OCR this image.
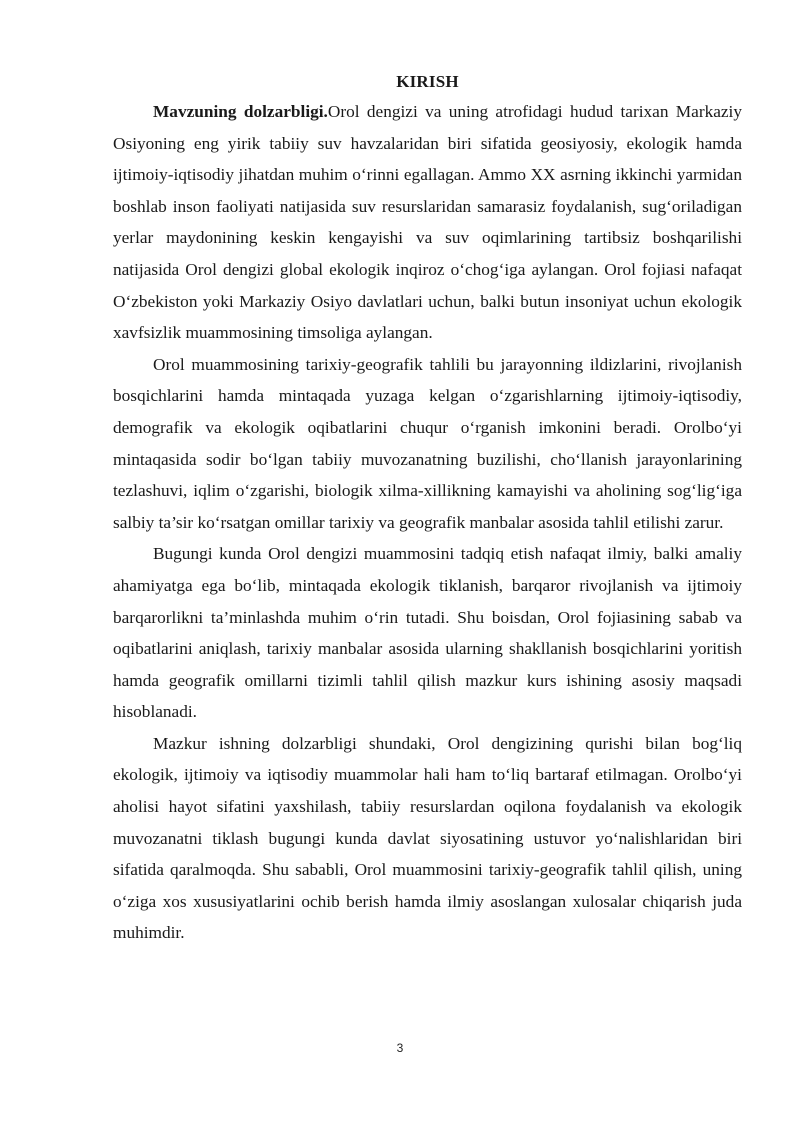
KIRISH

Mavzuning dolzarbligi.Orol dengizi va uning atrofidagi hudud tarixan Markaziy Osiyoning eng yirik tabiiy suv havzalaridan biri sifatida geosiyosiy, ekologik hamda ijtimoiy-iqtisodiy jihatdan muhim o‘rinni egallagan. Ammo XX asrning ikkinchi yarmidan boshlab inson faoliyati natijasida suv resurslaridan samarasiz foydalanish, sug‘oriladigan yerlar maydonining keskin kengayishi va suv oqimlarining tartibsiz boshqarilishi natijasida Orol dengizi global ekologik inqiroz o‘chog‘iga aylangan. Orol fojiasi nafaqat O‘zbekiston yoki Markaziy Osiyo davlatlari uchun, balki butun insoniyat uchun ekologik xavfsizlik muammosining timsoliga aylangan.

Orol muammosining tarixiy-geografik tahlili bu jarayonning ildizlarini, rivojlanish bosqichlarini hamda mintaqada yuzaga kelgan o‘zgarishlarning ijtimoiy-iqtisodiy, demografik va ekologik oqibatlarini chuqur o‘rganish imkonini beradi. Orolbo‘yi mintaqasida sodir bo‘lgan tabiiy muvozanatning buzilishi, cho‘llanish jarayonlarining tezlashuvi, iqlim o‘zgarishi, biologik xilma-xillikning kamayishi va aholining sog‘lig‘iga salbiy ta’sir ko‘rsatgan omillar tarixiy va geografik manbalar asosida tahlil etilishi zarur.

Bugungi kunda Orol dengizi muammosini tadqiq etish nafaqat ilmiy, balki amaliy ahamiyatga ega bo‘lib, mintaqada ekologik tiklanish, barqaror rivojlanish va ijtimoiy barqarorlikni ta’minlashda muhim o‘rin tutadi. Shu boisdan, Orol fojiasining sabab va oqibatlarini aniqlash, tarixiy manbalar asosida ularning shakllanish bosqichlarini yoritish hamda geografik omillarni tizimli tahlil qilish mazkur kurs ishining asosiy maqsadi hisoblanadi.

Mazkur ishning dolzarbligi shundaki, Orol dengizining qurishi bilan bog‘liq ekologik, ijtimoiy va iqtisodiy muammolar hali ham to‘liq bartaraf etilmagan. Orolbo‘yi aholisi hayot sifatini yaxshilash, tabiiy resurslardan oqilona foydalanish va ekologik muvozanatni tiklash bugungi kunda davlat siyosatining ustuvor yo‘nalishlaridan biri sifatida qaralmoqda. Shu sababli, Orol muammosini tarixiy-geografik tahlil qilish, uning o‘ziga xos xususiyatlarini ochib berish hamda ilmiy asoslangan xulosalar chiqarish juda muhimdir.

3
